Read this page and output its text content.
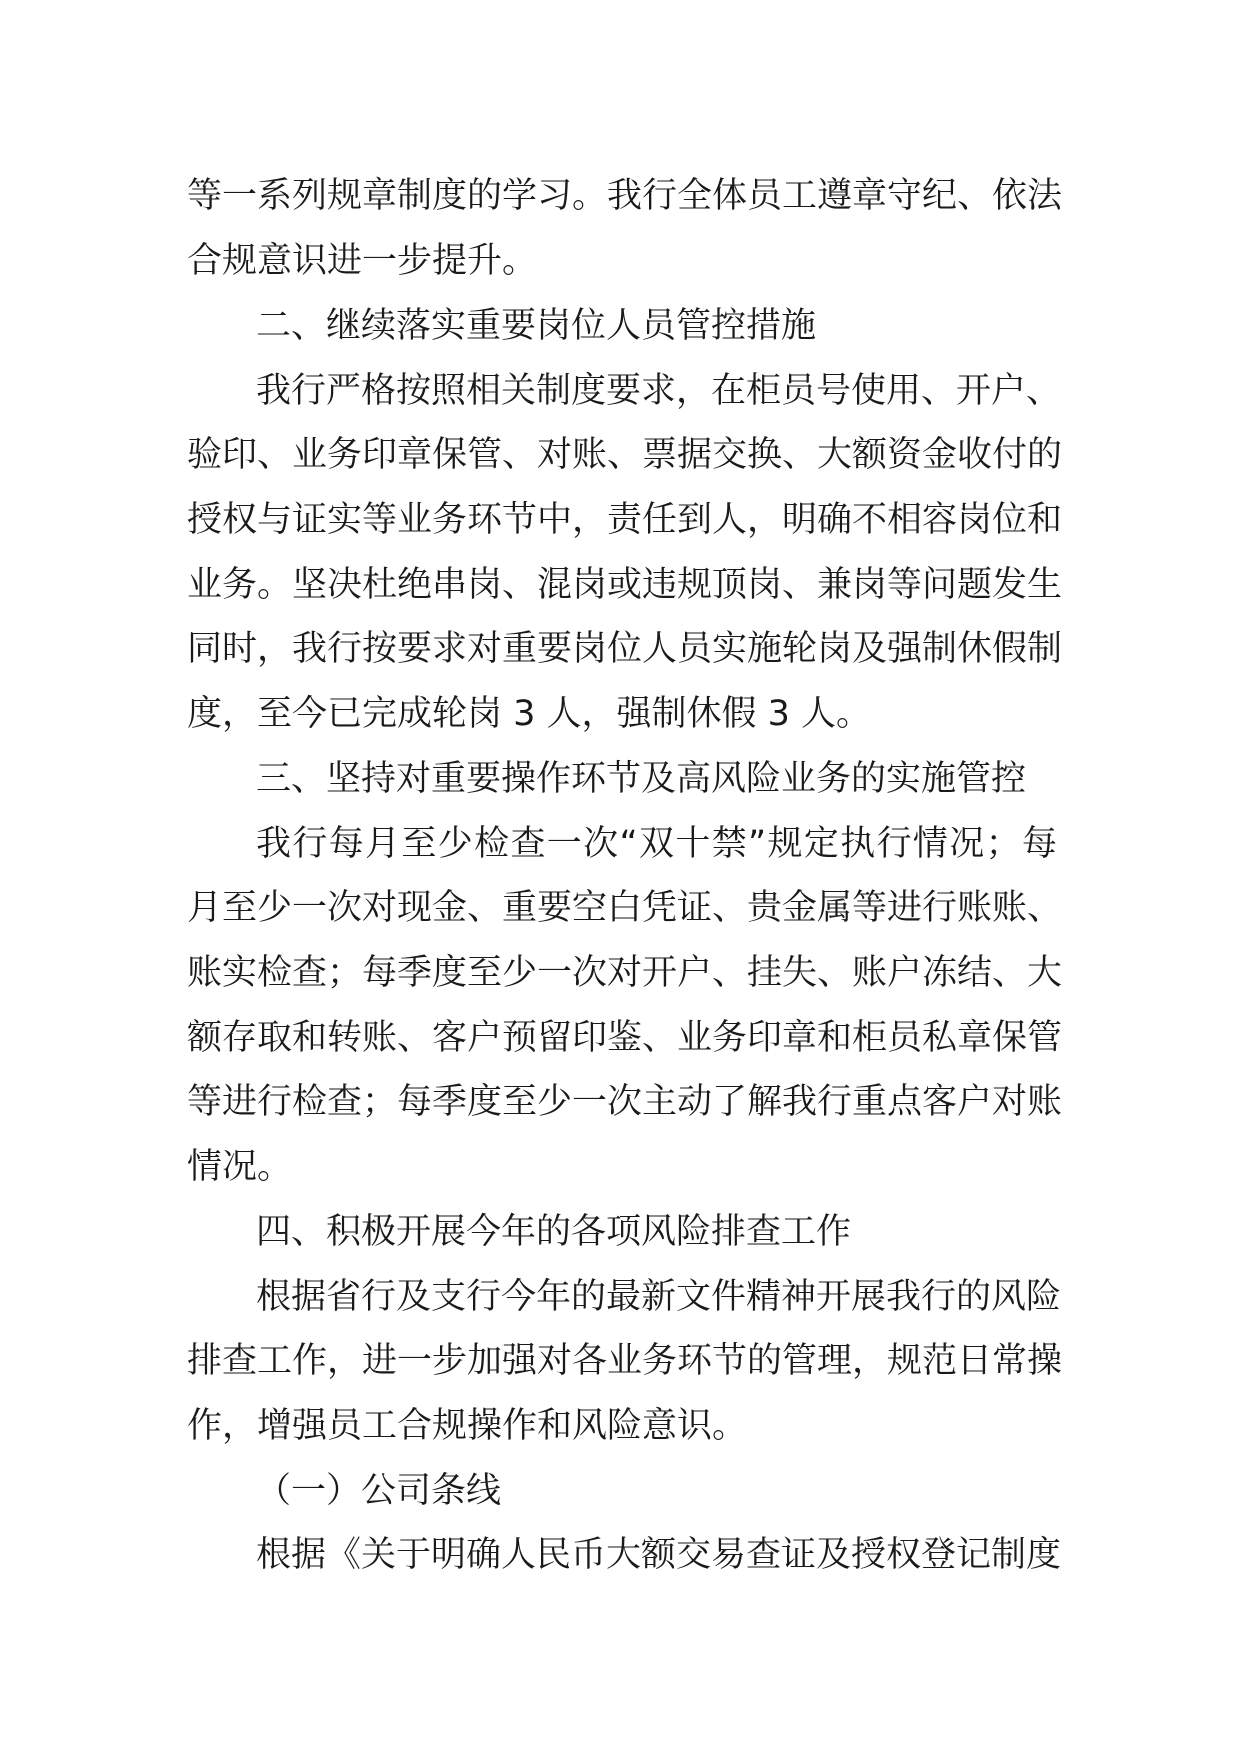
等一系列规章制度的学习。我行全体员工遵章守纪、依法
合规意识进一步提升。
二、继续落实重要岗位人员管控措施
我行严格按照相关制度要求，在柜员号使用、开户、
验印、业务印章保管、对账、票据交换、大额资金收付的
授权与证实等业务环节中，责任到人，明确不相容岗位和
业务。坚决杜绝串岗、混岗或违规顶岗、兼岗等问题发生
同时，我行按要求对重要岗位人员实施轮岗及强制休假制
度，至今已完成轮岗 3 人，强制休假 3 人。
三、坚持对重要操作环节及高风险业务的实施管控
我行每月至少检查一次“双十禁”规定执行情况；每
月至少一次对现金、重要空白凭证、贵金属等进行账账、
账实检查；每季度至少一次对开户、挂失、账户冻结、大
额存取和转账、客户预留印鉴、业务印章和柜员私章保管
等进行检查；每季度至少一次主动了解我行重点客户对账
情况。
四、积极开展今年的各项风险排查工作
根据省行及支行今年的最新文件精神开展我行的风险
排查工作，进一步加强对各业务环节的管理，规范日常操
作，增强员工合规操作和风险意识。
（一）公司条线
根据《关于明确人民币大额交易查证及授权登记制度
